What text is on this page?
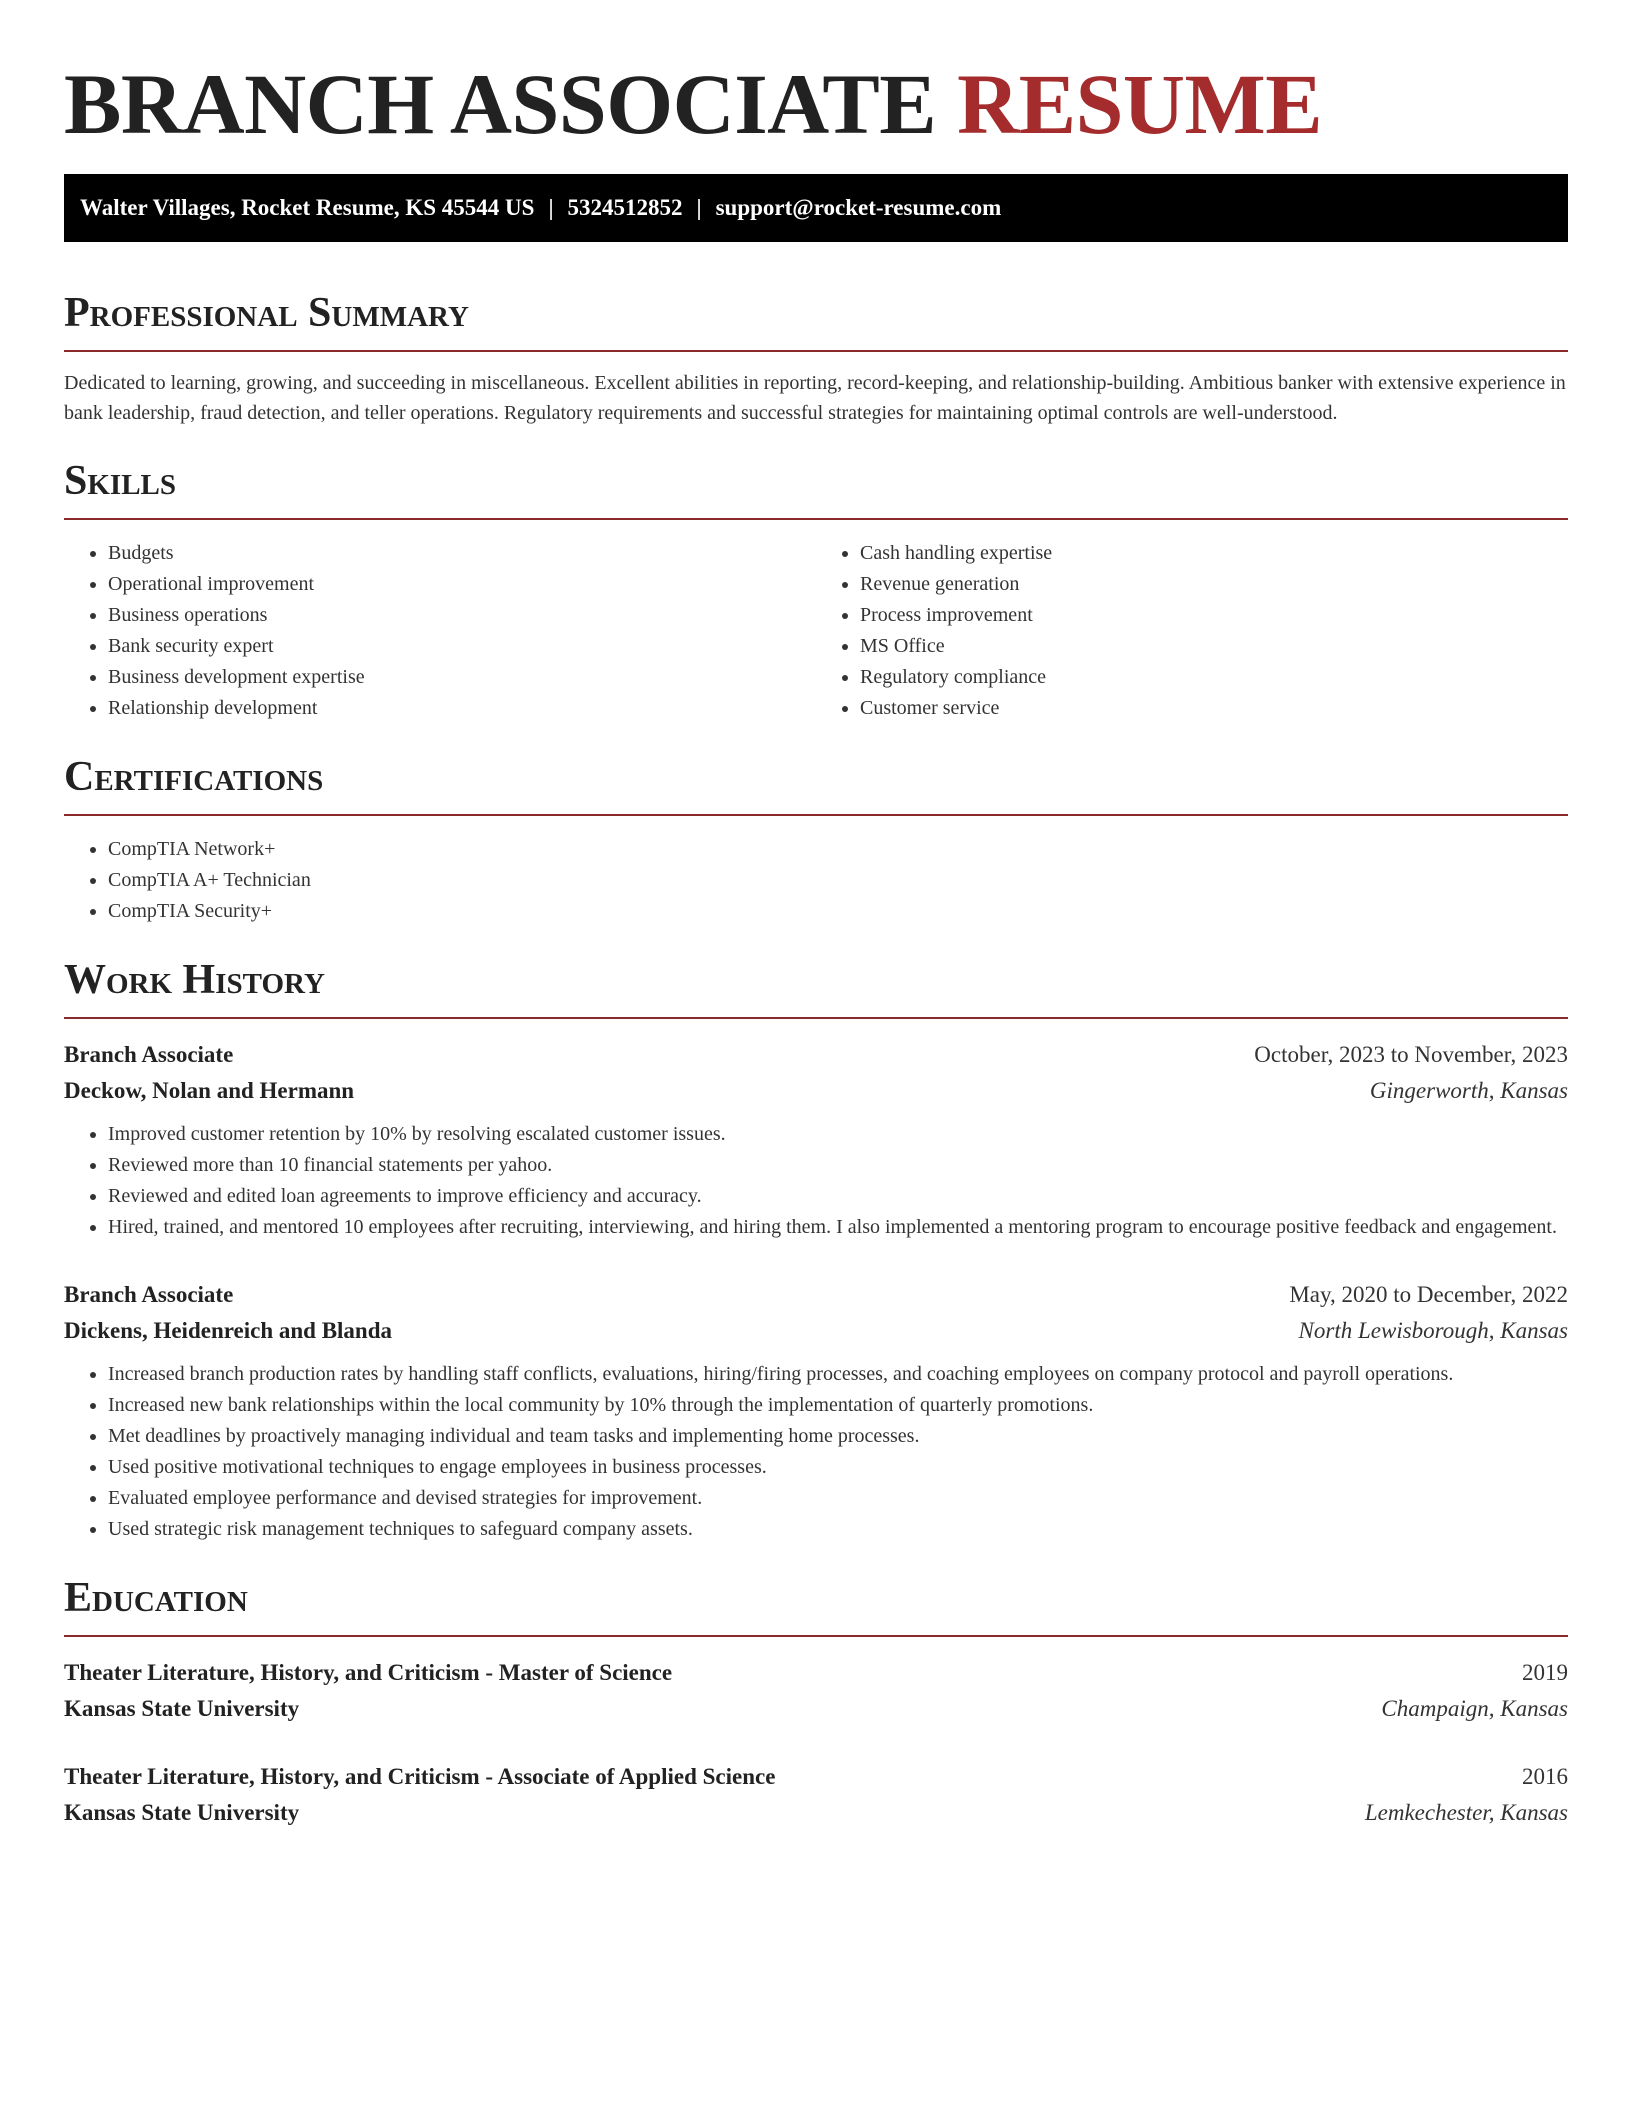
BRANCH ASSOCIATE RESUME
Walter Villages, Rocket Resume, KS 45544 US | 5324512852 | support@rocket-resume.com
Professional Summary

Dedicated to learning, growing, and succeeding in miscellaneous. Excellent abilities in reporting, record-keeping, and relationship-building. Ambitious banker with extensive experience in bank leadership, fraud detection, and teller operations. Regulatory requirements and successful strategies for maintaining optimal controls are well-understood.

Skills
• Budgets
• Operational improvement
• Business operations
• Bank security expert
• Business development expertise
• Relationship development
• Cash handling expertise
• Revenue generation
• Process improvement
• MS Office
• Regulatory compliance
• Customer service
Certifications
• CompTIA Network+
• CompTIA A+ Technician
• CompTIA Security+
Work History
Branch Associate	October, 2023 to November, 2023
Deckow, Nolan and Hermann	Gingerworth, Kansas
• Improved customer retention by 10% by resolving escalated customer issues.
• Reviewed more than 10 financial statements per yahoo.
• Reviewed and edited loan agreements to improve efficiency and accuracy.
• Hired, trained, and mentored 10 employees after recruiting, interviewing, and hiring them. I also implemented a mentoring program to encourage positive feedback and engagement.
Branch Associate	May, 2020 to December, 2022
Dickens, Heidenreich and Blanda	North Lewisborough, Kansas
• Increased branch production rates by handling staff conflicts, evaluations, hiring/firing processes, and coaching employees on company protocol and payroll operations.
• Increased new bank relationships within the local community by 10% through the implementation of quarterly promotions.
• Met deadlines by proactively managing individual and team tasks and implementing home processes.
• Used positive motivational techniques to engage employees in business processes.
• Evaluated employee performance and devised strategies for improvement.
• Used strategic risk management techniques to safeguard company assets.
Education
Theater Literature, History, and Criticism - Master of Science	2019
Kansas State University	Champaign, Kansas
Theater Literature, History, and Criticism - Associate of Applied Science	2016
Kansas State University	Lemkechester, Kansas
